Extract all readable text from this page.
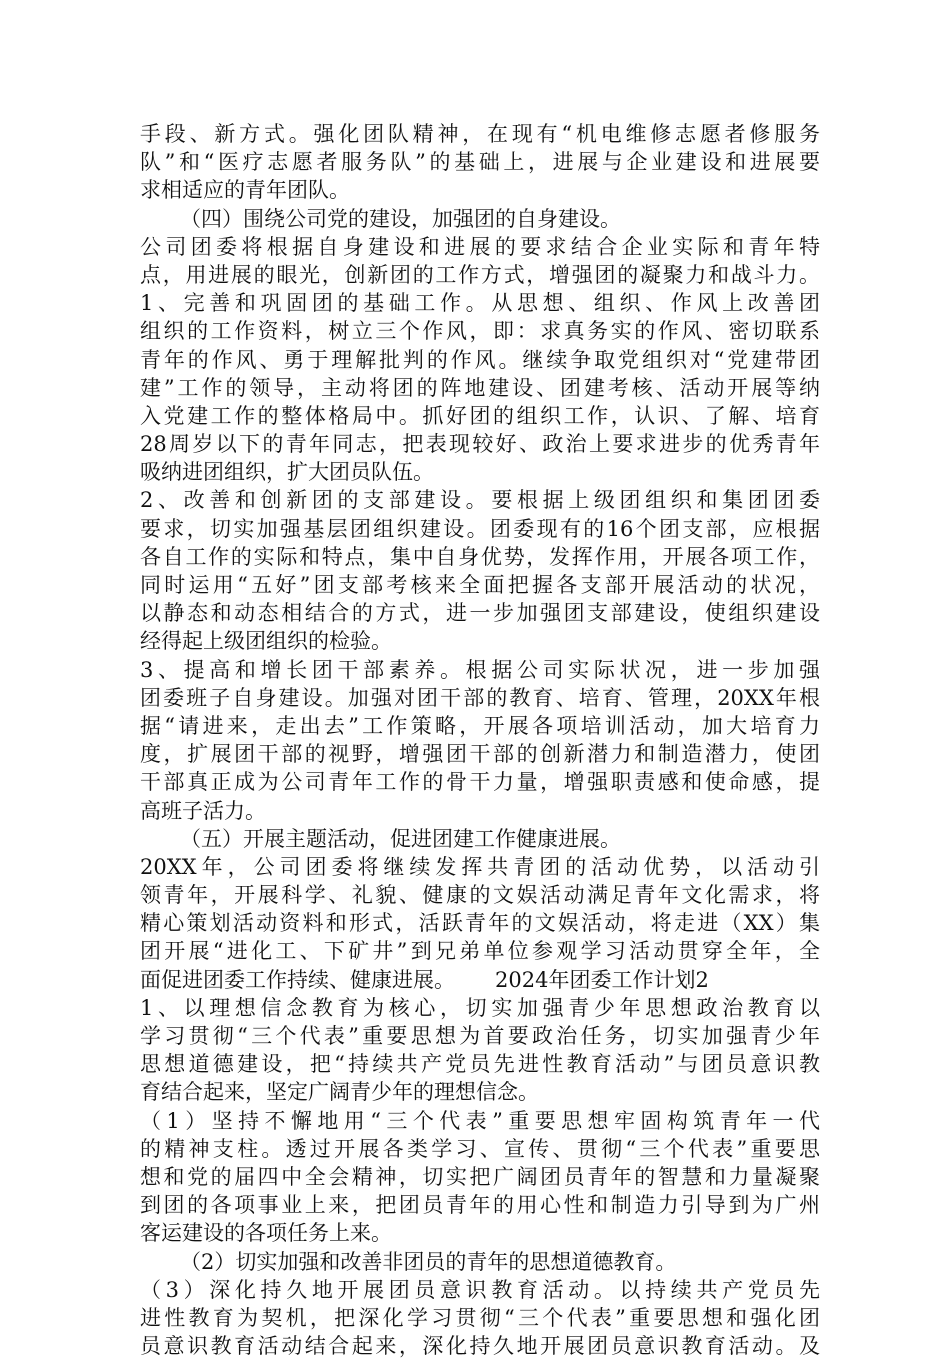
手段、新方式。强化团队精神，在现有“机电维修志愿者修服务
队”和“医疗志愿者服务队”的基础上，进展与企业建设和进展要
求相适应的青年团队。
（四）围绕公司党的建设，加强团的自身建设。
公司团委将根据自身建设和进展的要求结合企业实际和青年特
点，用进展的眼光，创新团的工作方式，增强团的凝聚力和战斗力。
1、完善和巩固团的基础工作。从思想、组织、作风上改善团
组织的工作资料，树立三个作风，即：求真务实的作风、密切联系
青年的作风、勇于理解批判的作风。继续争取党组织对“党建带团
建”工作的领导，主动将团的阵地建设、团建考核、活动开展等纳
入党建工作的整体格局中。抓好团的组织工作，认识、了解、培育
28周岁以下的青年同志，把表现较好、政治上要求进步的优秀青年
吸纳进团组织，扩大团员队伍。
2、改善和创新团的支部建设。要根据上级团组织和集团团委
要求，切实加强基层团组织建设。团委现有的16个团支部，应根据
各自工作的实际和特点，集中自身优势，发挥作用，开展各项工作，
同时运用“五好”团支部考核来全面把握各支部开展活动的状况，
以静态和动态相结合的方式，进一步加强团支部建设，使组织建设
经得起上级团组织的检验。
3、提高和增长团干部素养。根据公司实际状况，进一步加强
团委班子自身建设。加强对团干部的教育、培育、管理，20XX年根
据“请进来，走出去”工作策略，开展各项培训活动，加大培育力
度，扩展团干部的视野，增强团干部的创新潜力和制造潜力，使团
干部真正成为公司青年工作的骨干力量，增强职责感和使命感，提
高班子活力。
（五）开展主题活动，促进团建工作健康进展。
20XX年，公司团委将继续发挥共青团的活动优势，以活动引
领青年，开展科学、礼貌、健康的文娱活动满足青年文化需求，将
精心策划活动资料和形式，活跃青年的文娱活动，将走进（XX）集
团开展“进化工、下矿井”到兄弟单位参观学习活动贯穿全年，全
面促进团委工作持续、健康进展。      2024年团委工作计划2
1、以理想信念教育为核心，切实加强青少年思想政治教育以
学习贯彻“三个代表”重要思想为首要政治任务，切实加强青少年
思想道德建设，把“持续共产党员先进性教育活动”与团员意识教
育结合起来，坚定广阔青少年的理想信念。
（1）坚持不懈地用“三个代表”重要思想牢固构筑青年一代
的精神支柱。透过开展各类学习、宣传、贯彻“三个代表”重要思
想和党的届四中全会精神，切实把广阔团员青年的智慧和力量凝聚
到团的各项事业上来，把团员青年的用心性和制造力引导到为广州
客运建设的各项任务上来。
（2）切实加强和改善非团员的青年的思想道德教育。
（3）深化持久地开展团员意识教育活动。以持续共产党员先
进性教育为契机，把深化学习贯彻“三个代表”重要思想和强化团
员意识教育活动结合起来，深化持久地开展团员意识教育活动。及
